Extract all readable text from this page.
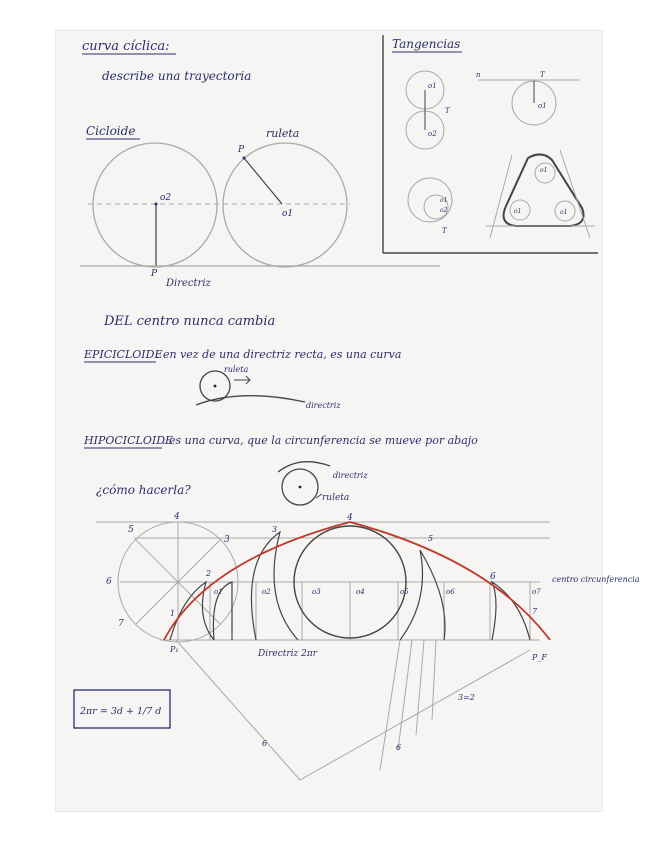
curva cíclica:
describe una trayectoria
Cicloide
o2
P
o1
ruleta
P
Directriz
Tangencias
o1
o2
T
n	T
o1
o1
o2
T
o1
o1	o1
DEL centro nunca cambia
EPICICLOIDE
. en vez de una directriz recta, es una curva
ruleta
directriz
HIPOCICLOIDE
. es una curva, que la circunferencia se mueve por abajo
¿cómo hacerla?
directriz
ruleta
5
4
3
6
7
o1	o2	o3	o4	o5	o6	o7
3
4
5
6
2
1	7
P₁
P_F
Directriz 2πr
6	6
3=2
centro circunferencia
2πr = 3d + 1/7 d
